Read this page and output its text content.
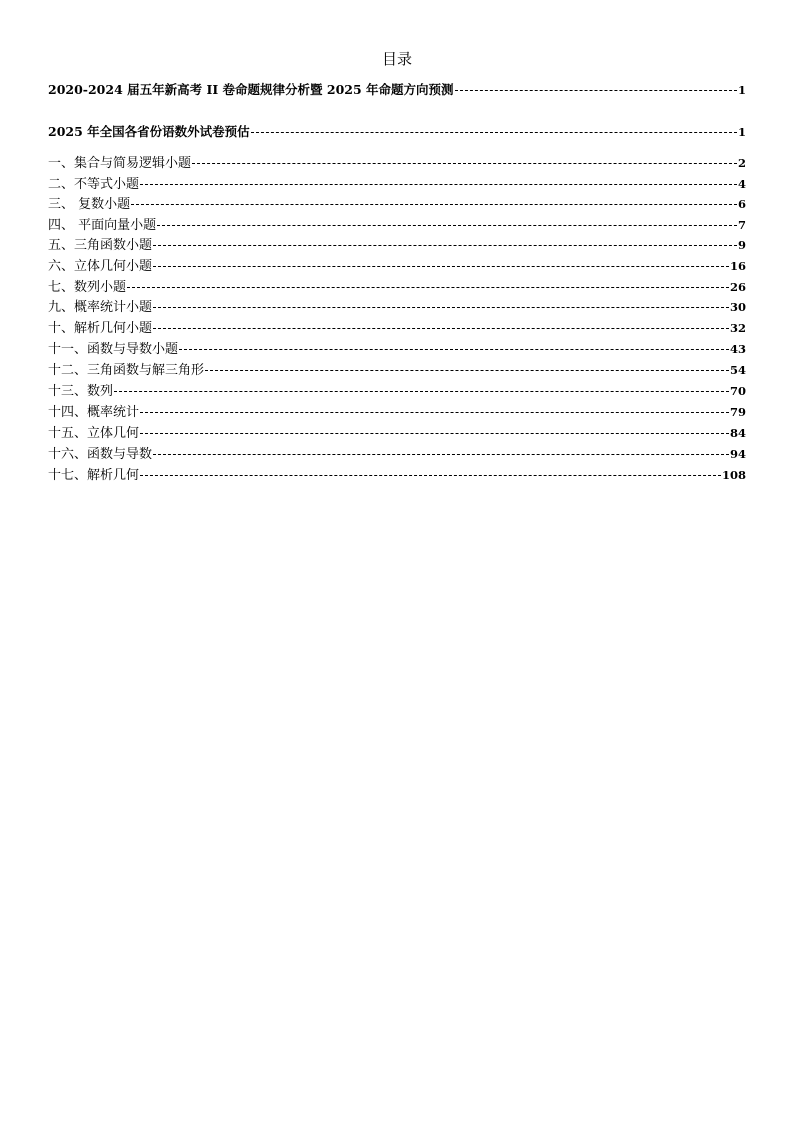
目录
2020-2024 届五年新高考 II 卷命题规律分析暨 2025 年命题方向预测	1
2025 年全国各省份语数外试卷预估	1
一、集合与简易逻辑小题	2
二、不等式小题	4
三、 复数小题	6
四、 平面向量小题	7
五、三角函数小题	9
六、立体几何小题	16
七、数列小题	26
九、概率统计小题	30
十、解析几何小题	32
十一、函数与导数小题	43
十二、三角函数与解三角形	54
十三、数列	70
十四、概率统计	79
十五、立体几何	84
十六、函数与导数	94
十七、解析几何	108
